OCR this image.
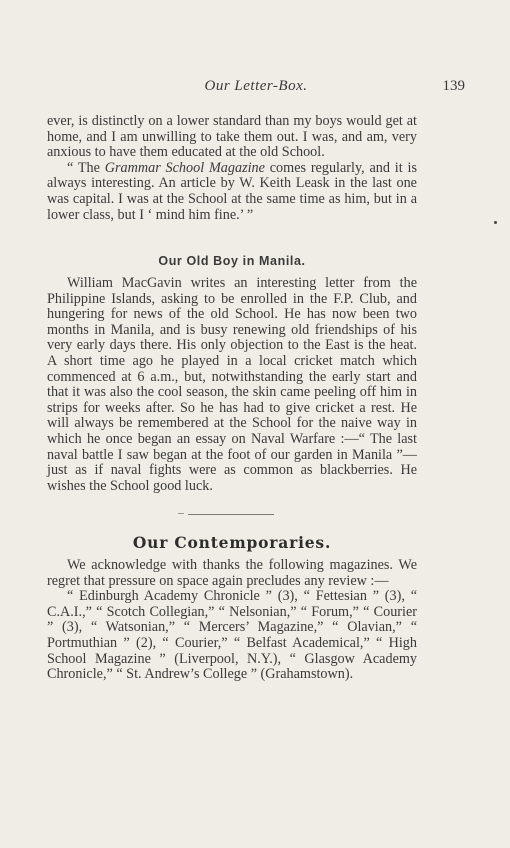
Our Letter-Box.	139

ever, is distinctly on a lower standard than my boys would get at home, and I am unwilling to take them out. I was, and am, very anxious to have them educated at the old School.

“ The Grammar School Magazine comes regularly, and it is always interesting. An article by W. Keith Leask in the last one was capital. I was at the School at the same time as him, but in a lower class, but I ‘ mind him fine.’ ”

Our Old Boy in Manila.

William MacGavin writes an interesting letter from the Philippine Islands, asking to be enrolled in the F.P. Club, and hungering for news of the old School. He has now been two months in Manila, and is busy renewing old friendships of his very early days there. His only objection to the East is the heat. A short time ago he played in a local cricket match which commenced at 6 a.m., but, notwithstanding the early start and that it was also the cool season, the skin came peeling off him in strips for weeks after. So he has had to give cricket a rest. He will always be remembered at the School for the naive way in which he once began an essay on Naval Warfare :—“ The last naval battle I saw began at the foot of our garden in Manila ”—just as if naval fights were as common as blackberries. He wishes the School good luck.

Our Contemporaries.

We acknowledge with thanks the following magazines. We regret that pressure on space again precludes any review :—

“ Edinburgh Academy Chronicle ” (3), “ Fettesian ” (3), “ C.A.I.,” “ Scotch Collegian,” “ Nelsonian,” “ Forum,” “ Courier ” (3), “ Watsonian,” “ Mercers’ Magazine,” “ Olavian,” “ Portmuthian ” (2), “ Courier,” “ Belfast Academical,” “ High School Magazine ” (Liverpool, N.Y.), “ Glasgow Academy Chronicle,” “ St. Andrew’s College ” (Grahamstown).
